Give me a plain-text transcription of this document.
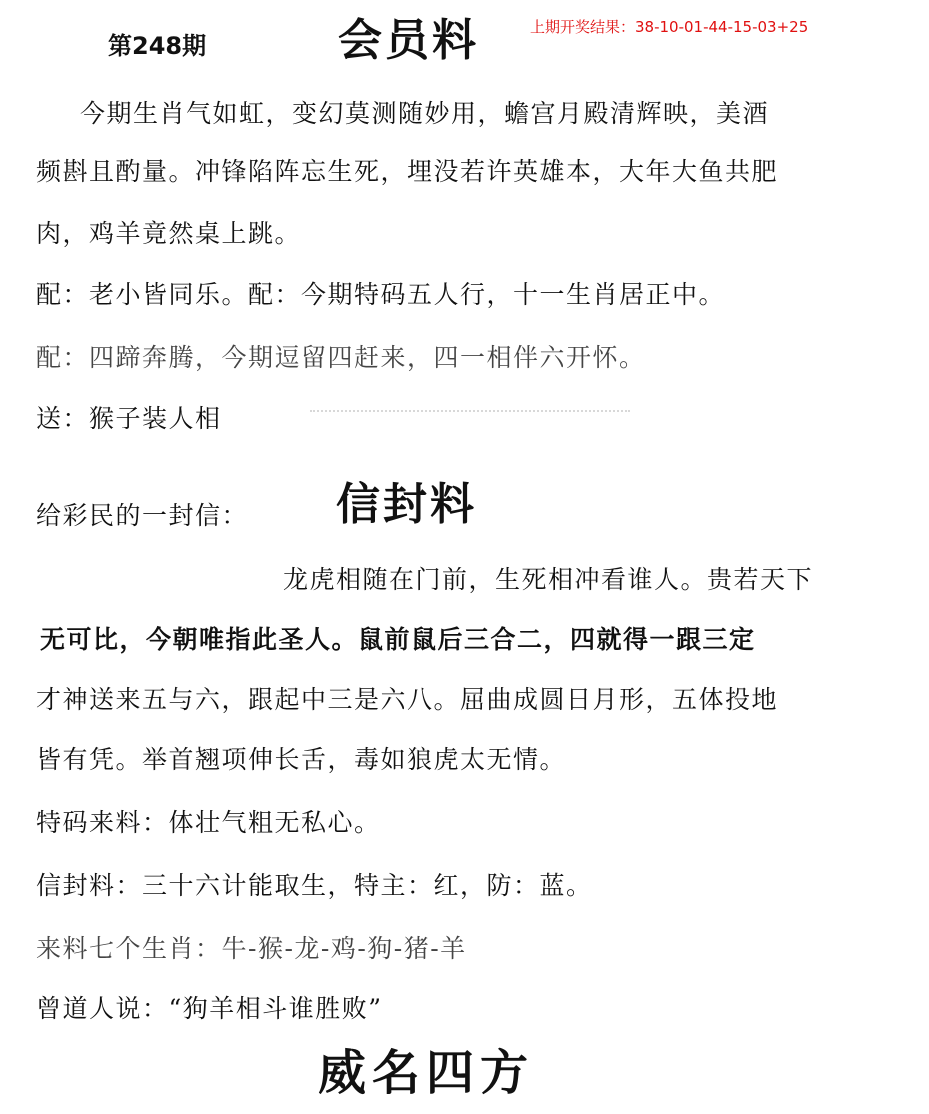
第248期	会员料	上期开奖结果：38-10-01-44-15-03+25
今期生肖气如虹，变幻莫测随妙用，蟾宫月殿清辉映，美酒
频斟且酌量。冲锋陷阵忘生死，埋没若许英雄本，大年大鱼共肥
肉，鸡羊竟然桌上跳。
配：老小皆同乐。配：今期特码五人行，十一生肖居正中。
配：四蹄奔腾，今期逗留四赶来，四一相伴六开怀。
送：猴子装人相
给彩民的一封信： 信封料
龙虎相随在门前，生死相冲看谁人。贵若天下
无可比，今朝唯指此圣人。鼠前鼠后三合二，四就得一跟三定
才神送来五与六，跟起中三是六八。屈曲成圆日月形，五体投地
皆有凭。举首翘项伸长舌，毒如狼虎太无情。
特码来料：体壮气粗无私心。
信封料：三十六计能取生，特主：红，防：蓝。
来料七个生肖：牛-猴-龙-鸡-狗-猪-羊
曾道人说：“狗羊相斗谁胜败”
威名四方
